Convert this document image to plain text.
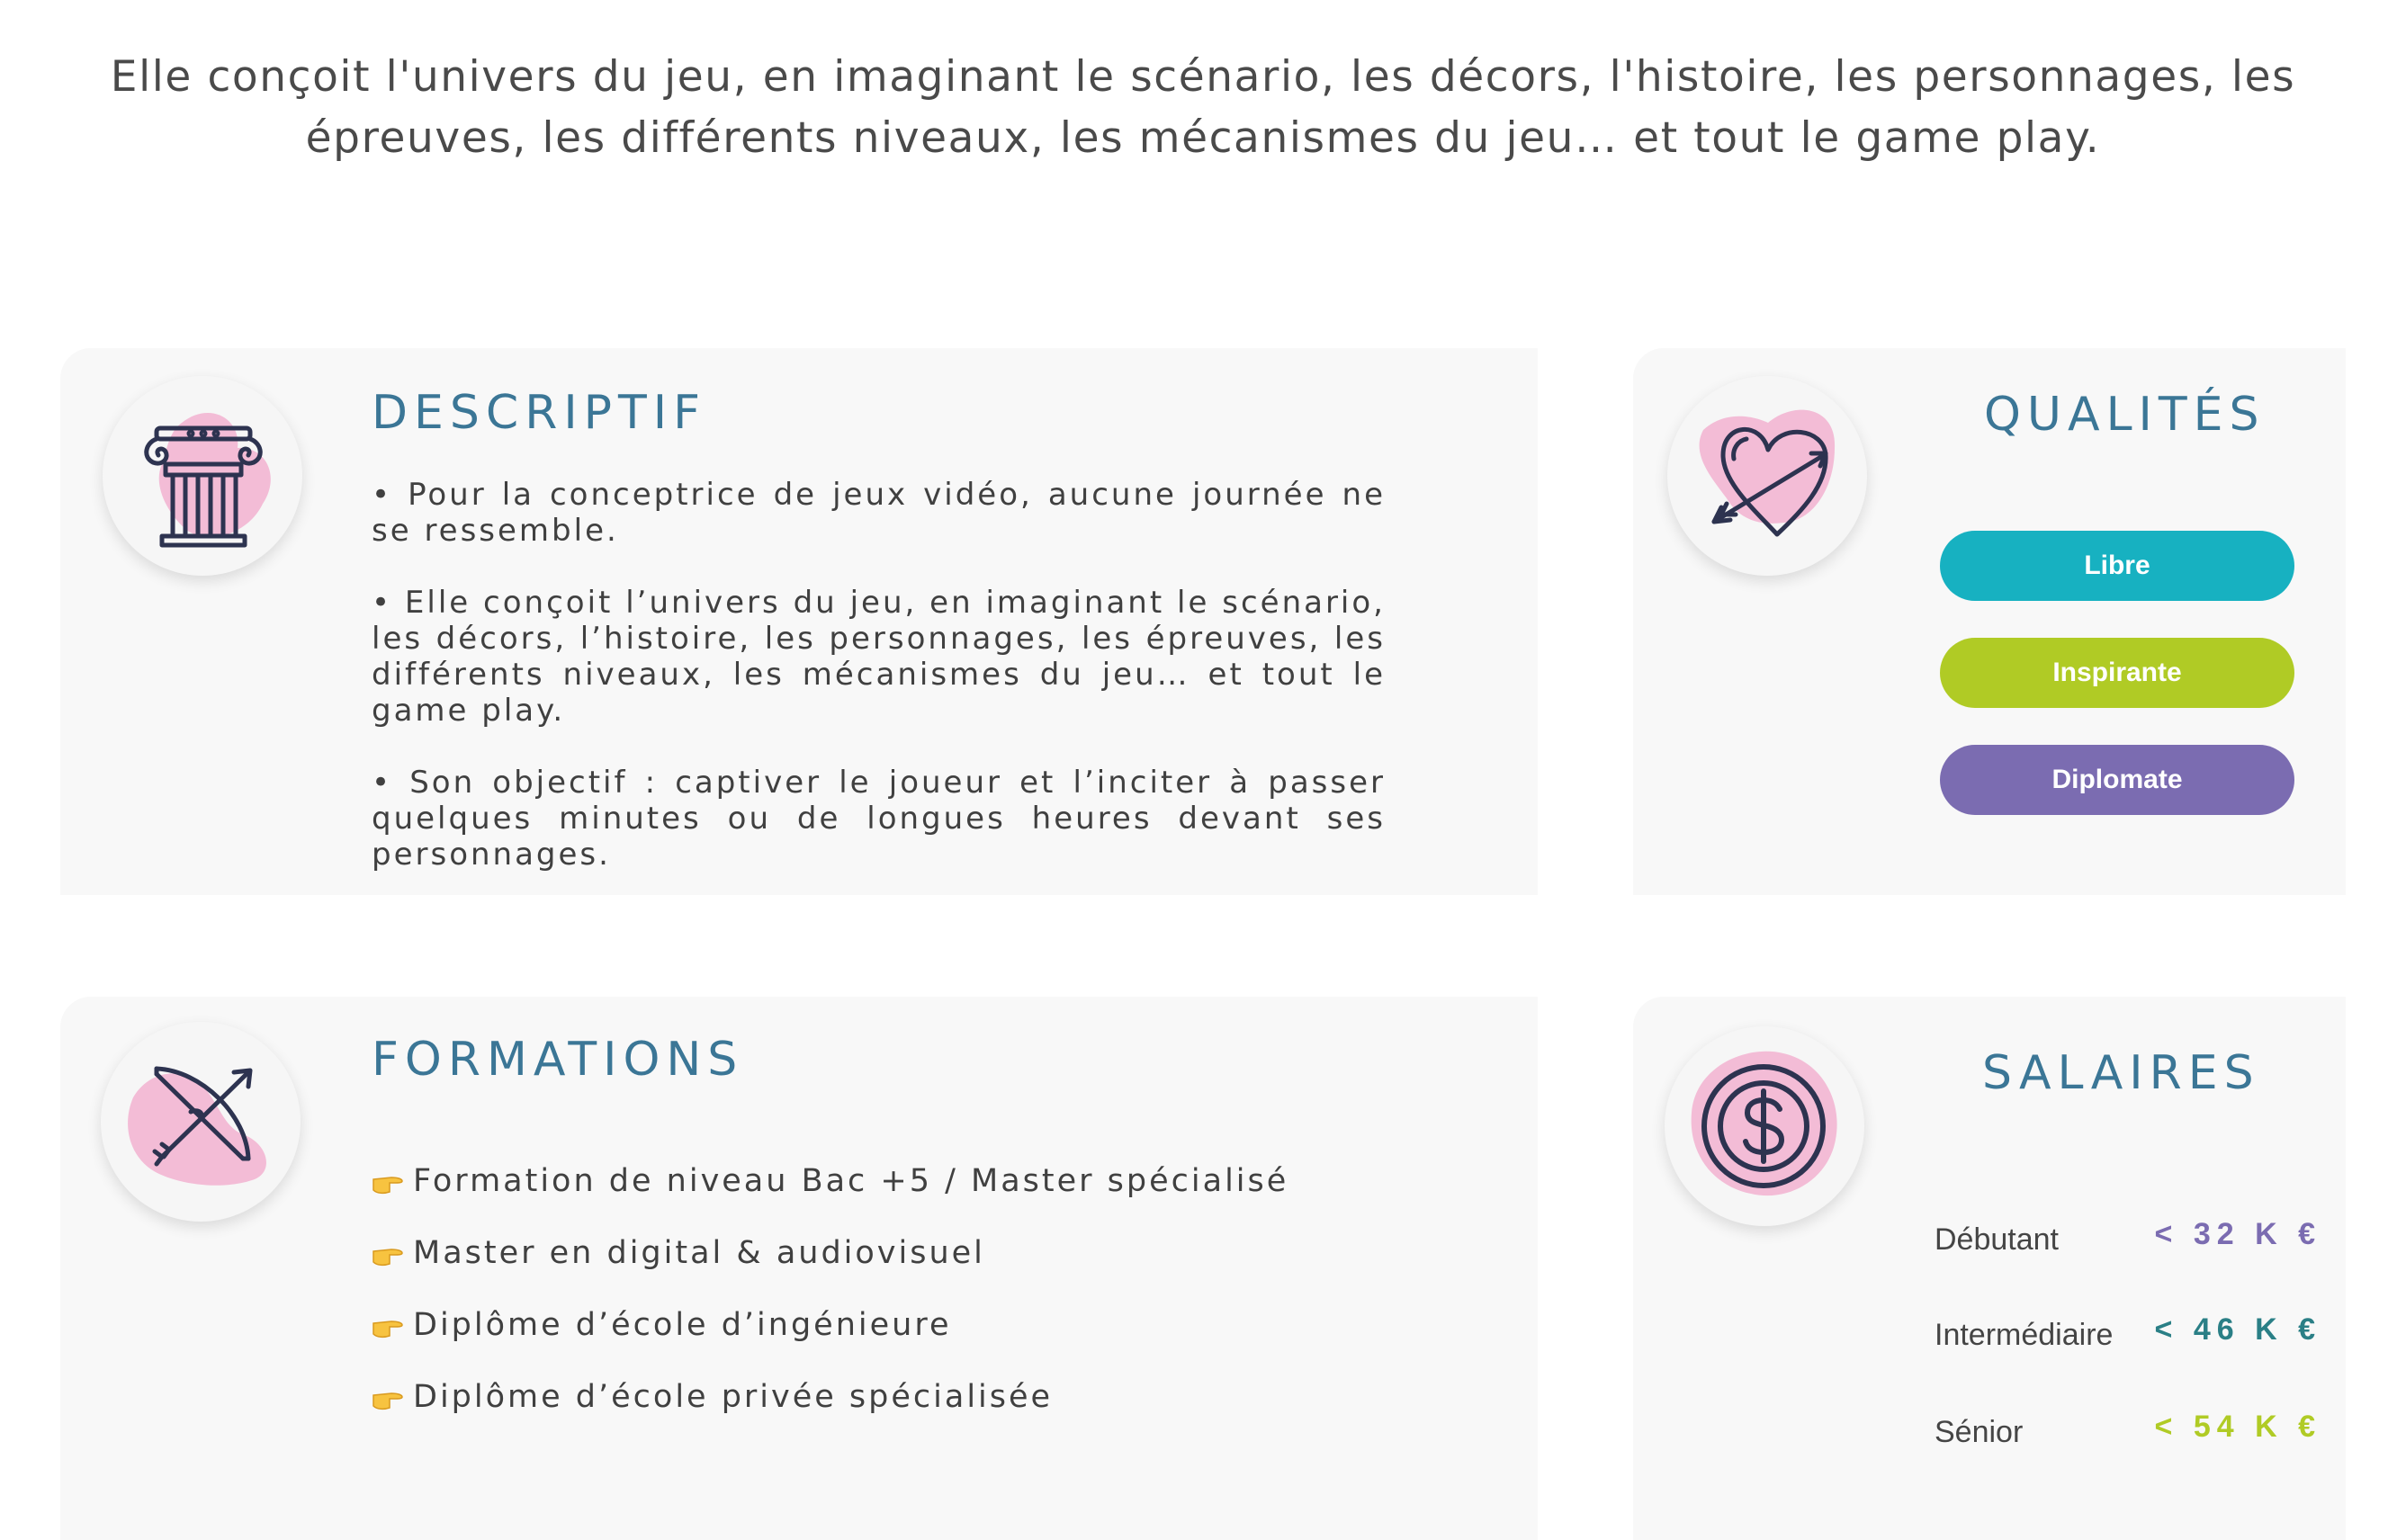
Elle conçoit l'univers du jeu, en imaginant le scénario, les décors, l'histoire, les personnages, les épreuves, les différents niveaux, les mécanismes du jeu… et tout le game play.
DESCRIPTIF

• Pour la conceptrice de jeux vidéo, aucune journée ne se ressemble.

• Elle conçoit l’univers du jeu, en imaginant le scénario, les décors, l’histoire, les personnages, les épreuves, les différents niveaux, les mécanismes du jeu… et tout le game play.

• Son objectif : captiver le joueur et l’inciter à passer quelques minutes ou de longues heures devant ses personnages.

QUALITÉS
Libre
Inspirante
Diplomate
FORMATIONS
Formation de niveau Bac +5 / Master spécialisé
Master en digital & audiovisuel
Diplôme d’école d’ingénieure
Diplôme d’école privée spécialisée
SALAIRES
Débutant	< 32 K €
Intermédiaire < 46 K €
Sénior	< 54 K €
